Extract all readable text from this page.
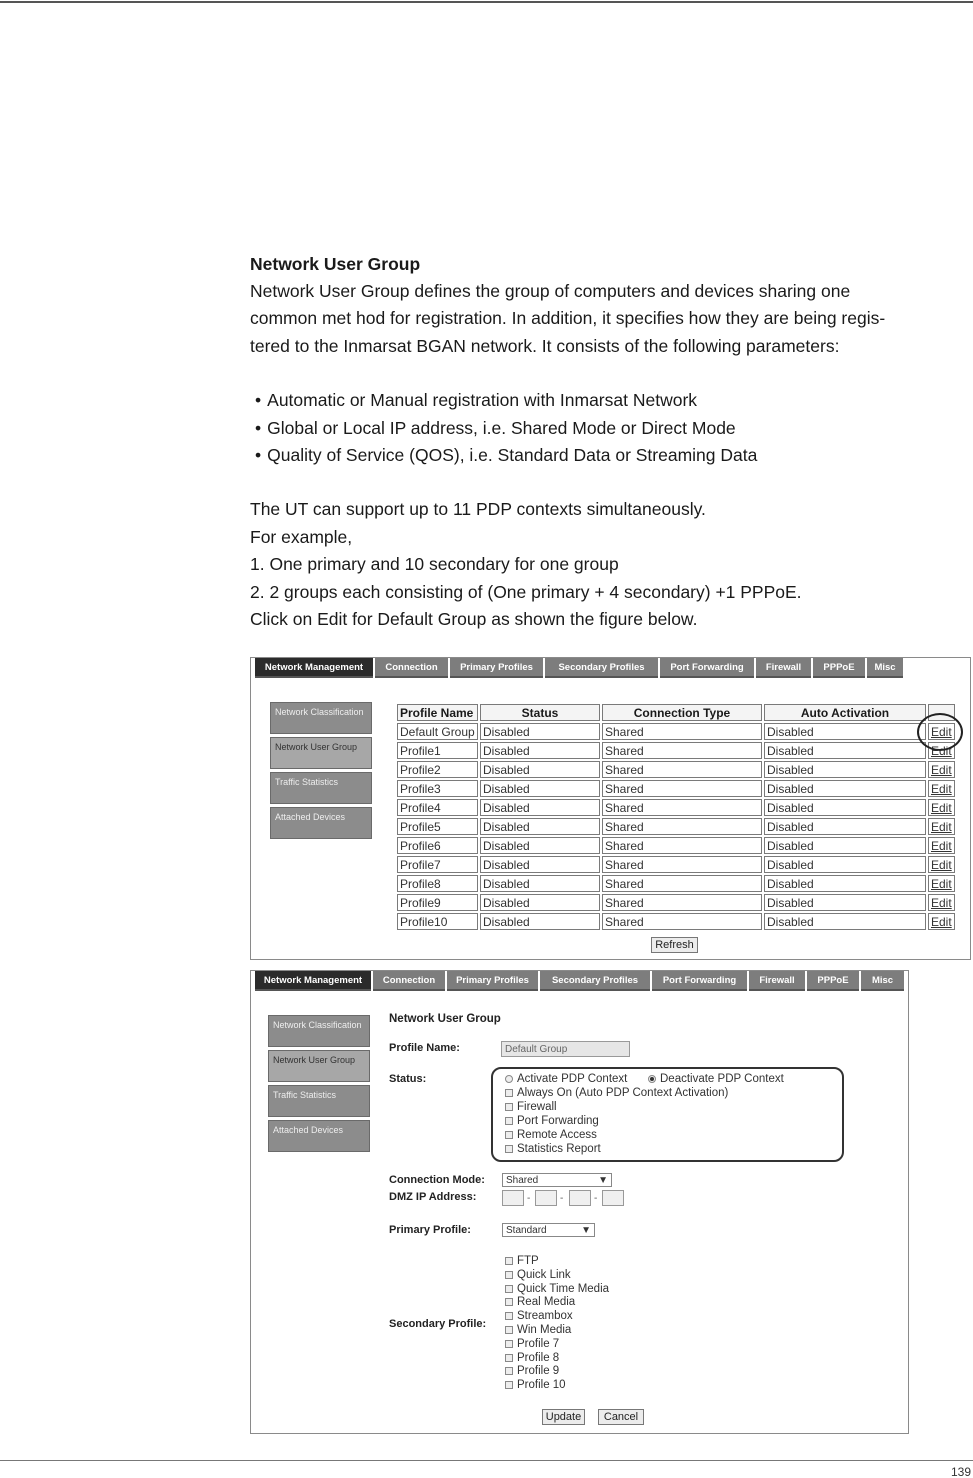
Network User Group

Network User Group defines the group of computers and devices sharing one

common met hod for registration. In addition, it specifies how they are being regis-

tered to the Inmarsat BGAN network. It consists of the following parameters:

• Automatic or Manual registration with Inmarsat Network
• Global or Local IP address, i.e. Shared Mode or Direct Mode
• Quality of Service (QOS), i.e. Standard Data or Streaming Data

The UT can support up to 11 PDP contexts simultaneously.

For example,

1. One primary and 10 secondary for one group

2. 2 groups each consisting of (One primary + 4 secondary) +1 PPPoE.

Click on Edit for Default Group as shown the figure below.

Network Management	Connection	Primary Profiles	Secondary Profiles	Port Forwarding	Firewall	PPPoE	Misc
Network Classification
Network User Group
Traffic Statistics
Attached Devices
Profile Name	Status	Connection Type	Auto Activation	
Default Group	Disabled	Shared	Disabled	Edit
Profile1	Disabled	Shared	Disabled	Edit
Profile2	Disabled	Shared	Disabled	Edit
Profile3	Disabled	Shared	Disabled	Edit
Profile4	Disabled	Shared	Disabled	Edit
Profile5	Disabled	Shared	Disabled	Edit
Profile6	Disabled	Shared	Disabled	Edit
Profile7	Disabled	Shared	Disabled	Edit
Profile8	Disabled	Shared	Disabled	Edit
Profile9	Disabled	Shared	Disabled	Edit
Profile10	Disabled	Shared	Disabled	Edit
Refresh
Network Management	Connection	Primary Profiles	Secondary Profiles	Port Forwarding	Firewall	PPPoE	Misc
Network Classification
Network User Group
Traffic Statistics
Attached Devices
Network User Group
Profile Name:	Default Group
Status:	Activate PDP Context	Deactivate PDP Context
Always On (Auto PDP Context Activation)
Firewall
Port Forwarding
Remote Access
Statistics Report
Connection Mode: Shared	▼
DMZ IP Address:	-	-	-
Primary Profile:	Standard	▼
Secondary Profile:
FTP
Quick Link
Quick Time Media
Real Media
Streambox
Win Media
Profile 7
Profile 8
Profile 9
Profile 10
Update	Cancel
139
